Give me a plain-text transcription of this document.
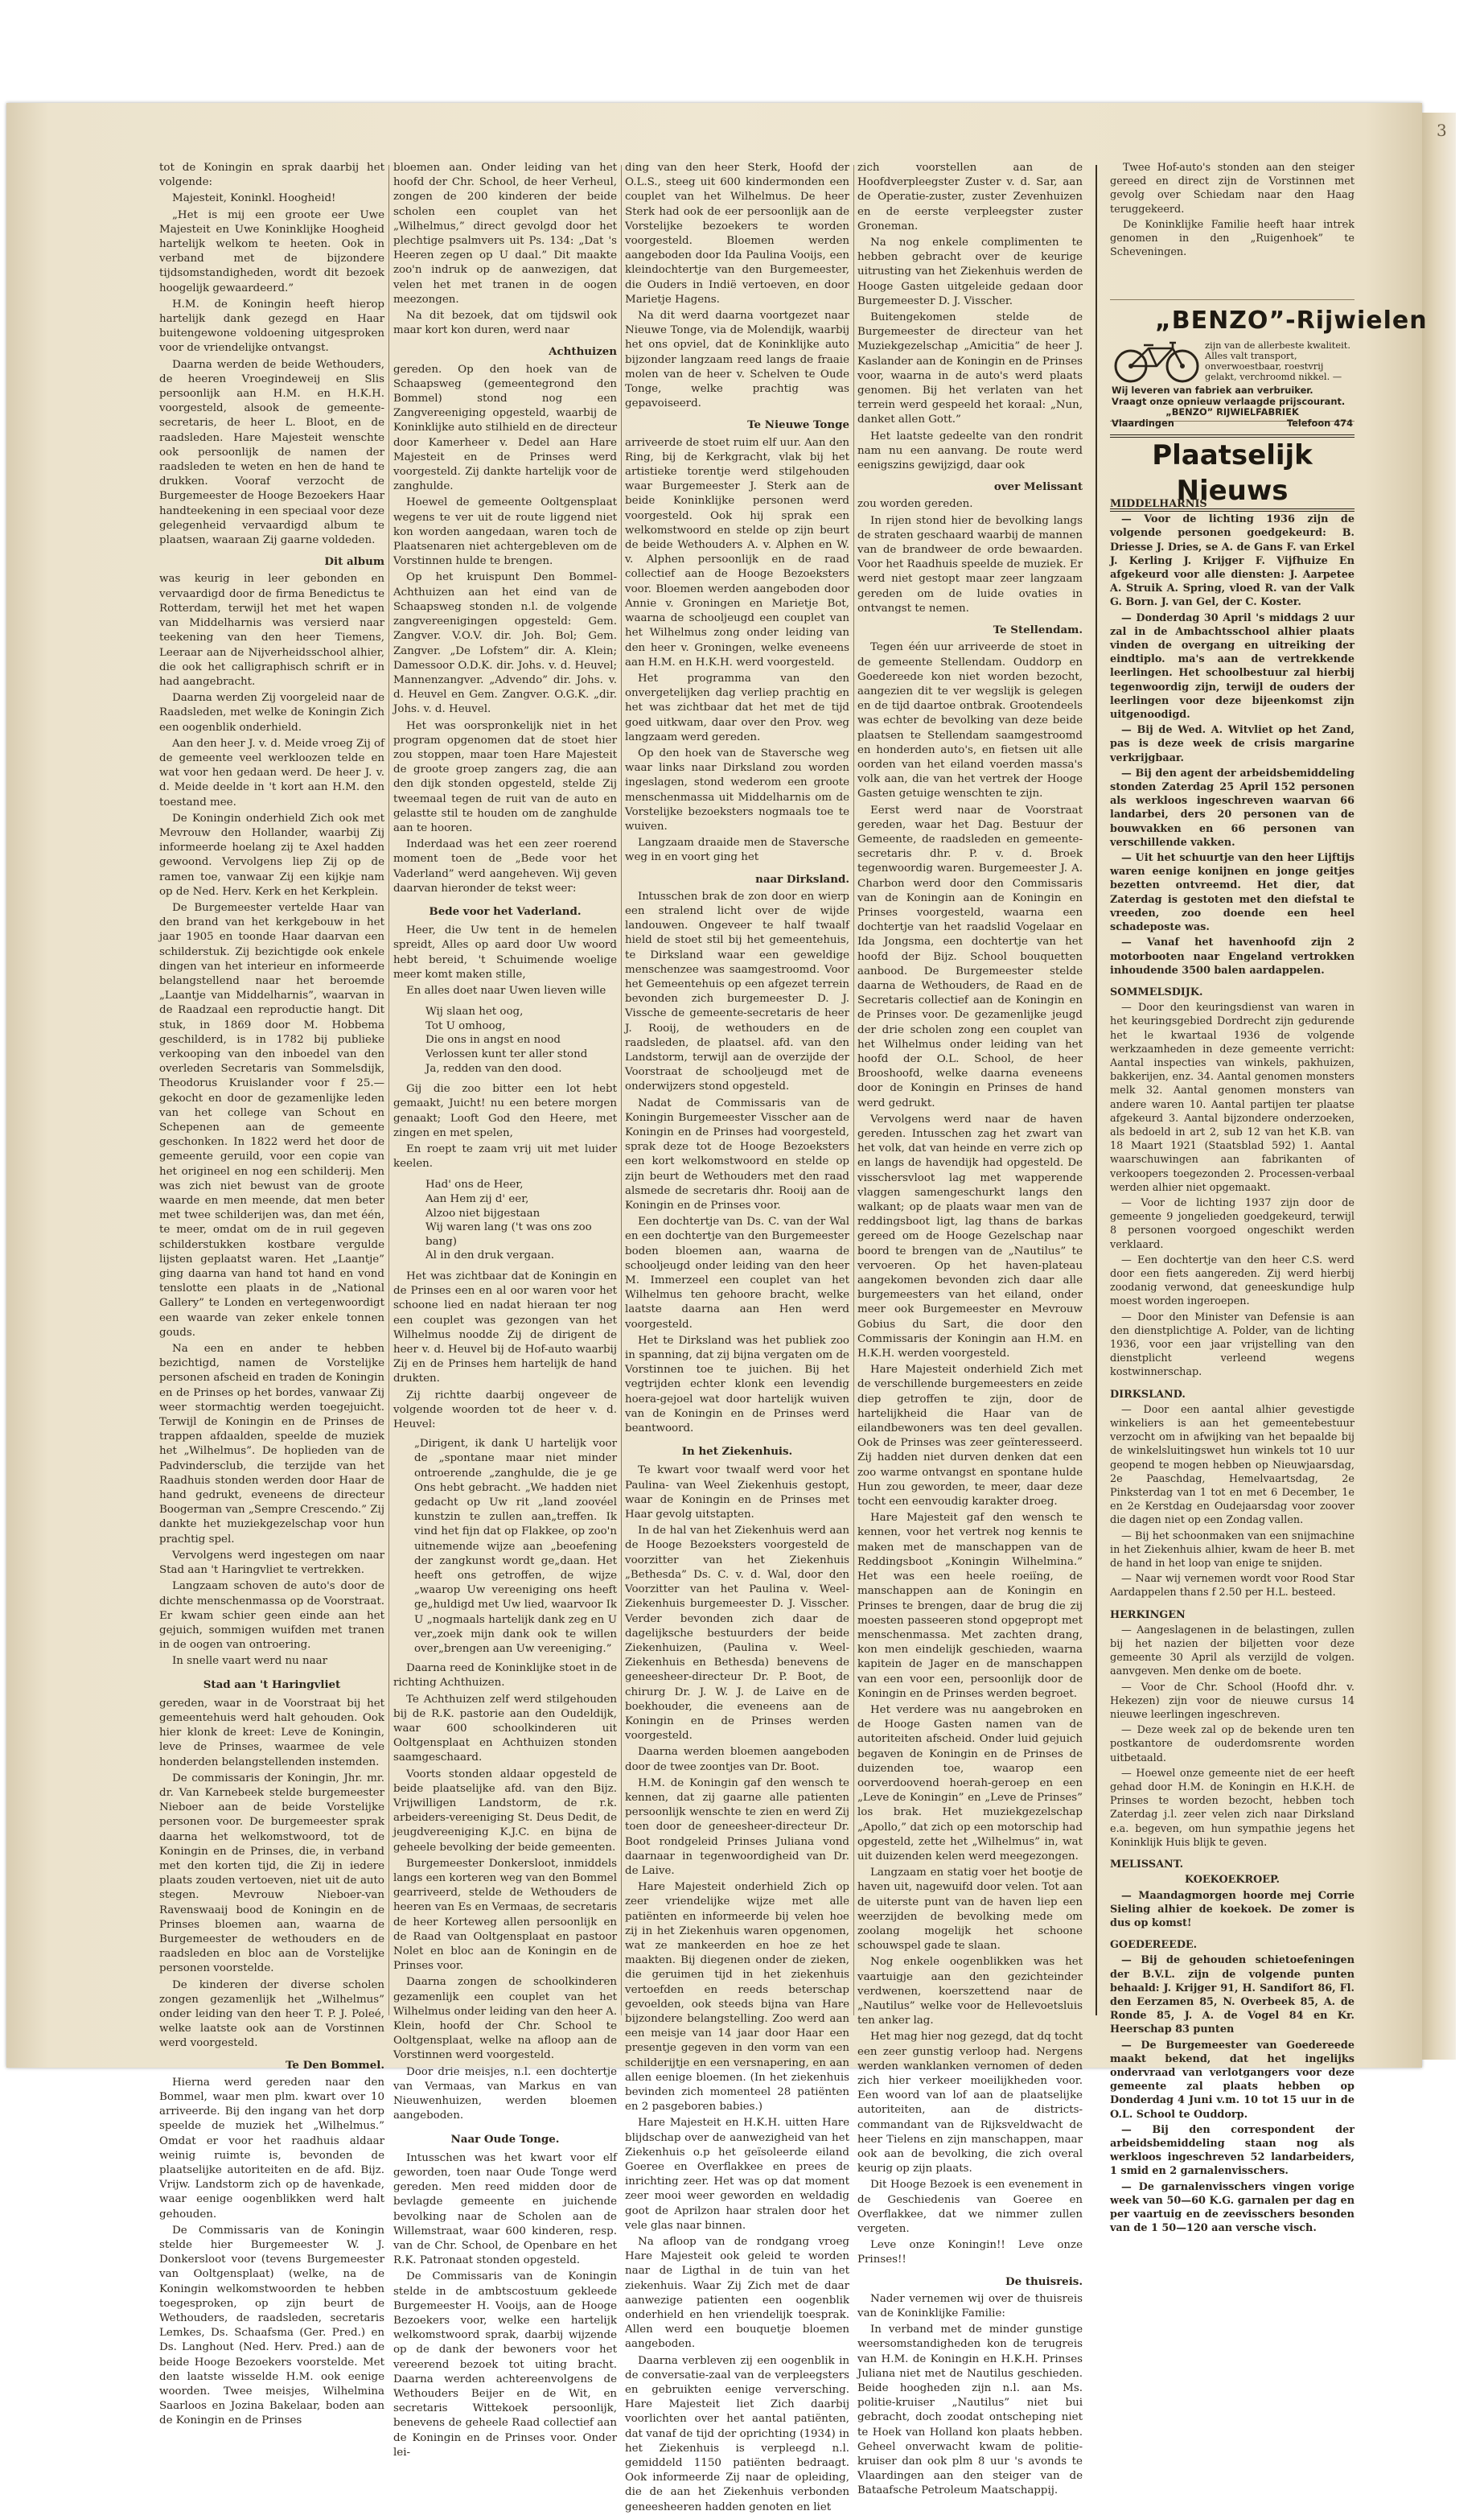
3

tot de Koningin en sprak daarbij het volgende:

Majesteit, Koninkl. Hoogheid!

„Het is mij een groote eer Uwe Majesteit en Uwe Koninklijke Hoogheid hartelijk welkom te heeten. Ook in verband met de bijzondere tijdsomstandigheden, wordt dit bezoek hoogelijk gewaardeerd.”

H.M. de Koningin heeft hierop hartelijk dank gezegd en Haar buitengewone voldoening uitgesproken voor de vriendelijke ontvangst.

Daarna werden de beide Wethouders, de heeren Vroegindeweij en Slis persoonlijk aan H.M. en H.K.H. voorgesteld, alsook de gemeente-secretaris, de heer L. Bloot, en de raadsleden. Hare Majesteit wenschte ook persoonlijk de namen der raadsleden te weten en hen de hand te drukken. Vooraf verzocht de Burgemeester de Hooge Bezoekers Haar handteekening in een speciaal voor deze gelegenheid vervaardigd album te plaatsen, waaraan Zij gaarne voldeden.

Dit album

was keurig in leer gebonden en vervaardigd door de firma Benedictus te Rotterdam, terwijl het met het wapen van Middelharnis was versierd naar teekening van den heer Tiemens, Leeraar aan de Nijverheidsschool alhier, die ook het calligraphisch schrift er in had aangebracht.

Daarna werden Zij voorgeleid naar de Raadsleden, met welke de Koningin Zich een oogenblik onderhield.

Aan den heer J. v. d. Meide vroeg Zij of de gemeente veel werkloozen telde en wat voor hen gedaan werd. De heer J. v. d. Meide deelde in 't kort aan H.M. den toestand mee.

De Koningin onderhield Zich ook met Mevrouw den Hollander, waarbij Zij informeerde hoelang zij te Axel hadden gewoond. Vervolgens liep Zij op de ramen toe, vanwaar Zij een kijkje nam op de Ned. Herv. Kerk en het Kerkplein.

De Burgemeester vertelde Haar van den brand van het kerkgebouw in het jaar 1905 en toonde Haar daarvan een schilderstuk. Zij bezichtigde ook enkele dingen van het interieur en informeerde belangstellend naar het beroemde „Laantje van Middelharnis”, waarvan in de Raadzaal een reproductie hangt. Dit stuk, in 1869 door M. Hobbema geschilderd, is in 1782 bij publieke verkooping van den inboedel van den overleden Secretaris van Sommelsdijk, Theodorus Kruislander voor f 25.— gekocht en door de gezamenlijke leden van het college van Schout en Schepenen aan de gemeente geschonken. In 1822 werd het door de gemeente geruild, voor een copie van het origineel en nog een schilderij. Men was zich niet bewust van de groote waarde en men meende, dat men beter met twee schilderijen was, dan met één, te meer, omdat om de in ruil gegeven schilderstukken kostbare vergulde lijsten geplaatst waren. Het „Laantje” ging daarna van hand tot hand en vond tenslotte een plaats in de „National Gallery” te Londen en vertegenwoordigt een waarde van zeker enkele tonnen gouds.

Na een en ander te hebben bezichtigd, namen de Vorstelijke personen afscheid en traden de Koningin en de Prinses op het bordes, vanwaar Zij weer stormachtig werden toegejuicht. Terwijl de Koningin en de Prinses de trappen afdaalden, speelde de muziek het „Wilhelmus”. De hoplieden van de Padvindersclub, die terzijde van het Raadhuis stonden werden door Haar de hand gedrukt, eveneens de directeur Boogerman van „Sempre Crescendo.” Zij dankte het muziekgezelschap voor hun prachtig spel.

Vervolgens werd ingestegen om naar Stad aan 't Haringvliet te vertrekken.

Langzaam schoven de auto's door de dichte menschenmassa op de Voorstraat. Er kwam schier geen einde aan het gejuich, sommigen wuifden met tranen in de oogen van ontroering.

In snelle vaart werd nu naar

Stad aan 't Haringvliet

gereden, waar in de Voorstraat bij het gemeentehuis werd halt gehouden. Ook hier klonk de kreet: Leve de Koningin, leve de Prinses, waarmee de vele honderden belangstellenden instemden.

De commissaris der Koningin, Jhr. mr. dr. Van Karnebeek stelde burgemeester Nieboer aan de beide Vorstelijke personen voor. De burgemeester sprak daarna het welkomstwoord, tot de Koningin en de Prinses, die, in verband met den korten tijd, die Zij in iedere plaats zouden vertoeven, niet uit de auto stegen. Mevrouw Nieboer-van Ravenswaaij bood de Koningin en de Prinses bloemen aan, waarna de Burgemeester de wethouders en de raadsleden en bloc aan de Vorstelijke personen voorstelde.

De kinderen der diverse scholen zongen gezamenlijk het „Wilhelmus” onder leiding van den heer T. P. J. Poleé, welke laatste ook aan de Vorstinnen werd voorgesteld.

Te Den Bommel.

Hierna werd gereden naar den Bommel, waar men plm. kwart over 10 arriveerde. Bij den ingang van het dorp speelde de muziek het „Wilhelmus.” Omdat er voor het raadhuis aldaar weinig ruimte is, bevonden de plaatselijke autoriteiten en de afd. Bijz. Vrijw. Landstorm zich op de havenkade, waar eenige oogenblikken werd halt gehouden.

De Commissaris van de Koningin stelde hier Burgemeester W. J. Donkersloot voor (tevens Burgemeester van Ooltgensplaat) (welke, na de Koningin welkomstwoorden te hebben toegesproken, op zijn beurt de Wethouders, de raadsleden, secretaris Lemkes, Ds. Schaafsma (Ger. Pred.) en Ds. Langhout (Ned. Herv. Pred.) aan de beide Hooge Bezoekers voorstelde. Met den laatste wisselde H.M. ook eenige woorden. Twee meisjes, Wilhelmina Saarloos en Jozina Bakelaar, boden aan de Koningin en de Prinses

bloemen aan. Onder leiding van het hoofd der Chr. School, de heer Verheul, zongen de 200 kinderen der beide scholen een couplet van het „Wilhelmus,” direct gevolgd door het plechtige psalmvers uit Ps. 134: „Dat 's Heeren zegen op U daal.” Dit maakte zoo'n indruk op de aanwezigen, dat velen het met tranen in de oogen meezongen.

Na dit bezoek, dat om tijdswil ook maar kort kon duren, werd naar

Achthuizen

gereden. Op den hoek van de Schaapsweg (gemeentegrond den Bommel) stond nog een Zangvereeniging opgesteld, waarbij de Koninklijke auto stilhield en de directeur door Kamerheer v. Dedel aan Hare Majesteit en de Prinses werd voorgesteld. Zij dankte hartelijk voor de zanghulde.

Hoewel de gemeente Ooltgensplaat wegens te ver uit de route liggend niet kon worden aangedaan, waren toch de Plaatsenaren niet achtergebleven om de Vorstinnen hulde te brengen.

Op het kruispunt Den Bommel-Achthuizen aan het eind van de Schaapsweg stonden n.l. de volgende zangvereenigingen opgesteld: Gem. Zangver. V.O.V. dir. Joh. Bol; Gem. Zangver. „De Lofstem” dir. A. Klein; Damessoor O.D.K. dir. Johs. v. d. Heuvel; Mannenzangver. „Advendo” dir. Johs. v. d. Heuvel en Gem. Zangver. O.G.K. „dir. Johs. v. d. Heuvel.

Het was oorspronkelijk niet in het program opgenomen dat de stoet hier zou stoppen, maar toen Hare Majesteit de groote groep zangers zag, die aan den dijk stonden opgesteld, stelde Zij tweemaal tegen de ruit van de auto en gelastte stil te houden om de zanghulde aan te hooren.

Inderdaad was het een zeer roerend moment toen de „Bede voor het Vaderland” werd aangeheven. Wij geven daarvan hieronder de tekst weer:

Bede voor het Vaderland.

Heer, die Uw tent in de hemelen spreidt, Alles op aard door Uw woord hebt bereid, 't Schuimende woelige meer komt maken stille,

En alles doet naar Uwen lieven wille

Wij slaan het oog,
Tot U omhoog,
Die ons in angst en nood
Verlossen kunt ter aller stond
Ja, redden van den dood.

Gij die zoo bitter een lot hebt gemaakt, Juicht! nu een betere morgen genaakt; Looft God den Heere, met zingen en met spelen,

En roept te zaam vrij uit met luider keelen.

Had' ons de Heer,
Aan Hem zij d' eer,
Alzoo niet bijgestaan
Wij waren lang ('t was ons zoo bang)
Al in den druk vergaan.

Het was zichtbaar dat de Koningin en de Prinses een en al oor waren voor het schoone lied en nadat hieraan ter nog een couplet was gezongen van het Wilhelmus noodde Zij de dirigent de heer v. d. Heuvel bij de Hof-auto waarbij Zij en de Prinses hem hartelijk de hand drukten.

Zij richtte daarbij ongeveer de volgende woorden tot de heer v. d. Heuvel:

„Dirigent, ik dank U hartelijk voor de „spontane maar niet minder ontroerende „zanghulde, die je ge Ons hebt gebracht. „We hadden niet gedacht op Uw rit „land zoovéel kunstzin te zullen aan„treffen. Ik vind het fijn dat op Flakkee, op zoo'n uitnemende wijze aan „beoefening der zangkunst wordt ge„daan. Het heeft ons getroffen, de wijze „waarop Uw vereeniging ons heeft ge„huldigd met Uw lied, waarvoor Ik U „nogmaals hartelijk dank zeg en U ver„zoek mijn dank ook te willen over„brengen aan Uw vereeniging.”

Daarna reed de Koninklijke stoet in de richting Achthuizen.

Te Achthuizen zelf werd stilgehouden bij de R.K. pastorie aan den Oudeldijk, waar 600 schoolkinderen uit Ooltgensplaat en Achthuizen stonden saamgeschaard.

Voorts stonden aldaar opgesteld de beide plaatselijke afd. van den Bijz. Vrijwilligen Landstorm, de r.k. arbeiders-vereeniging St. Deus Dedit, de jeugdvereeniging K.J.C. en bijna de geheele bevolking der beide gemeenten.

Burgemeester Donkersloot, inmiddels langs een korteren weg van den Bommel gearriveerd, stelde de Wethouders de heeren van Es en Vermaas, de secretaris de heer Korteweg allen persoonlijk en de Raad van Ooltgensplaat en pastoor Nolet en bloc aan de Koningin en de Prinses voor.

Daarna zongen de schoolkinderen gezamenlijk een couplet van het Wilhelmus onder leiding van den heer A. Klein, hoofd der Chr. School te Ooltgensplaat, welke na afloop aan de Vorstinnen werd voorgesteld.

Door drie meisjes, n.l. een dochtertje van Vermaas, van Markus en van Nieuwenhuizen, werden bloemen aangeboden.

Naar Oude Tonge.

Intusschen was het kwart voor elf geworden, toen naar Oude Tonge werd gereden. Men reed midden door de bevlagde gemeente en juichende bevolking naar de Scholen aan de Willemstraat, waar 600 kinderen, resp. van de Chr. School, de Openbare en het R.K. Patronaat stonden opgesteld.

De Commissaris van de Koningin stelde in de ambtscostuum gekleede Burgemeester H. Vooijs, aan de Hooge Bezoekers voor, welke een hartelijk welkomstwoord sprak, daarbij wijzende op de dank der bewoners voor het vereerend bezoek tot uiting bracht. Daarna werden achtereenvolgens de Wethouders Beijer en de Wit, en secretaris Wittekoek persoonlijk, benevens de geheele Raad collectief aan de Koningin en de Prinses voor. Onder lei-

ding van den heer Sterk, Hoofd der O.L.S., steeg uit 600 kindermonden een couplet van het Wilhelmus. De heer Sterk had ook de eer persoonlijk aan de Vorstelijke bezoekers te worden voorgesteld. Bloemen werden aangeboden door Ida Paulina Vooijs, een kleindochtertje van den Burgemeester, die Ouders in Indië vertoeven, en door Marietje Hagens.

Na dit werd daarna voortgezet naar Nieuwe Tonge, via de Molendijk, waarbij het ons opviel, dat de Koninklijke auto bijzonder langzaam reed langs de fraaie molen van de heer v. Schelven te Oude Tonge, welke prachtig was gepavoiseerd.

Te Nieuwe Tonge

arriveerde de stoet ruim elf uur. Aan den Ring, bij de Kerkgracht, vlak bij het artistieke torentje werd stilgehouden waar Burgemeester J. Sterk aan de beide Koninklijke personen werd voorgesteld. Ook hij sprak een welkomstwoord en stelde op zijn beurt de beide Wethouders A. v. Alphen en W. v. Alphen persoonlijk en de raad collectief aan de Hooge Bezoeksters voor. Bloemen werden aangeboden door Annie v. Groningen en Marietje Bot, waarna de schooljeugd een couplet van het Wilhelmus zong onder leiding van den heer v. Groningen, welke eveneens aan H.M. en H.K.H. werd voorgesteld.

Het programma van den onvergetelijken dag verliep prachtig en het was zichtbaar dat het met de tijd goed uitkwam, daar over den Prov. weg langzaam werd gereden.

Op den hoek van de Staversche weg waar links naar Dirksland zou worden ingeslagen, stond wederom een groote menschenmassa uit Middelharnis om de Vorstelijke bezoeksters nogmaals toe te wuiven.

Langzaam draaide men de Staversche weg in en voort ging het

naar Dirksland.

Intusschen brak de zon door en wierp een stralend licht over de wijde landouwen. Ongeveer te half twaalf hield de stoet stil bij het gemeentehuis, te Dirksland waar een geweldige menschenzee was saamgestroomd. Voor het Gemeentehuis op een afgezet terrein bevonden zich burgemeester D. J. Vissche de gemeente-secretaris de heer J. Rooij, de wethouders en de raadsleden, de plaatsel. afd. van den Landstorm, terwijl aan de overzijde der Voorstraat de schooljeugd met de onderwijzers stond opgesteld.

Nadat de Commissaris van de Koningin Burgemeester Visscher aan de Koningin en de Prinses had voorgesteld, sprak deze tot de Hooge Bezoeksters een kort welkomstwoord en stelde op zijn beurt de Wethouders met den raad alsmede de secretaris dhr. Rooij aan de Koningin en de Prinses voor.

Een dochtertje van Ds. C. van der Wal en een dochtertje van den Burgemeester boden bloemen aan, waarna de schooljeugd onder leiding van den heer M. Immerzeel een couplet van het Wilhelmus ten gehoore bracht, welke laatste daarna aan Hen werd voorgesteld.

Het te Dirksland was het publiek zoo in spanning, dat zij bijna vergaten om de Vorstinnen toe te juichen. Bij het vegtrijden echter klonk een levendig hoera-gejoel wat door hartelijk wuiven van de Koningin en de Prinses werd beantwoord.

In het Ziekenhuis.

Te kwart voor twaalf werd voor het Paulina- van Weel Ziekenhuis gestopt, waar de Koningin en de Prinses met Haar gevolg uitstapten.

In de hal van het Ziekenhuis werd aan de Hooge Bezoeksters voorgesteld de voorzitter van het Ziekenhuis „Bethesda” Ds. C. v. d. Wal, door den Voorzitter van het Paulina v. Weel-Ziekenhuis burgemeester D. J. Visscher. Verder bevonden zich daar de dagelijksche bestuurders der beide Ziekenhuizen, (Paulina v. Weel-Ziekenhuis en Bethesda) benevens de geneesheer-directeur Dr. P. Boot, de chirurg Dr. J. W. J. de Laive en de boekhouder, die eveneens aan de Koningin en de Prinses werden voorgesteld.

Daarna werden bloemen aangeboden door de twee zoontjes van Dr. Boot.

H.M. de Koningin gaf den wensch te kennen, dat zij gaarne alle patienten persoonlijk wenschte te zien en werd Zij toen door de geneesheer-directeur Dr. Boot rondgeleid Prinses Juliana vond daarnaar in tegenwoordigheid van Dr. de Laive.

Hare Majesteit onderhield Zich op zeer vriendelijke wijze met alle patiënten en informeerde bij velen hoe zij in het Ziekenhuis waren opgenomen, wat ze mankeerden en hoe ze het maakten. Bij diegenen onder de zieken, die geruimen tijd in het ziekenhuis vertoefden en reeds beterschap gevoelden, ook steeds bijna van Hare bijzondere belangstelling. Zoo werd aan een meisje van 14 jaar door Haar een presentje gegeven in den vorm van een schilderijtje en een versnapering, en aan allen eenige bloemen. (In het ziekenhuis bevinden zich momenteel 28 patiënten en 2 pasgeboren babies.)

Hare Majesteit en H.K.H. uitten Hare blijdschap over de aanwezigheid van het Ziekenhuis o.p het geïsoleerde eiland Goeree en Overflakkee en prees de inrichting zeer. Het was op dat moment zeer mooi weer geworden en weldadig goot de Aprilzon haar stralen door het vele glas naar binnen.

Na afloop van de rondgang vroeg Hare Majesteit ook geleid te worden naar de Ligthal in de tuin van het ziekenhuis. Waar Zij Zich met de daar aanwezige patienten een oogenblik onderhield en hen vriendelijk toesprak. Allen werd een bouquetje bloemen aangeboden.

Daarna verbleven zij een oogenblik in de conversatie-zaal van de verpleegsters en gebruikten eenige verversching. Hare Majesteit liet Zich daarbij voorlichten over het aantal patiënten, dat vanaf de tijd der oprichting (1934) in het Ziekenhuis is verpleegd n.l. gemiddeld 1150 patiënten bedraagt. Ook informeerde Zij naar de opleiding, die de aan het Ziekenhuis verbonden geneesheeren hadden genoten en liet

zich voorstellen aan de Hoofdverpleegster Zuster v. d. Sar, aan de Operatie-zuster, zuster Zevenhuizen en de eerste verpleegster zuster Groneman.

Na nog enkele complimenten te hebben gebracht over de keurige uitrusting van het Ziekenhuis werden de Hooge Gasten uitgeleide gedaan door Burgemeester D. J. Visscher.

Buitengekomen stelde de Burgemeester de directeur van het Muziekgezelschap „Amicitia” de heer J. Kaslander aan de Koningin en de Prinses voor, waarna in de auto's werd plaats genomen. Bij het verlaten van het terrein werd gespeeld het koraal: „Nun, danket allen Gott.”

Het laatste gedeelte van den rondrit nam nu een aanvang. De route werd eenigszins gewijzigd, daar ook

over Melissant

zou worden gereden.

In rijen stond hier de bevolking langs de straten geschaard waarbij de mannen van de brandweer de orde bewaarden. Voor het Raadhuis speelde de muziek. Er werd niet gestopt maar zeer langzaam gereden om de luide ovaties in ontvangst te nemen.

Te Stellendam.

Tegen één uur arriveerde de stoet in de gemeente Stellendam. Ouddorp en Goedereede kon niet worden bezocht, aangezien dit te ver wegslijk is gelegen en de tijd daartoe ontbrak. Grootendeels was echter de bevolking van deze beide plaatsen te Stellendam saamgestroomd en honderden auto's, en fietsen uit alle oorden van het eiland voerden massa's volk aan, die van het vertrek der Hooge Gasten getuige wenschten te zijn.

Eerst werd naar de Voorstraat gereden, waar het Dag. Bestuur der Gemeente, de raadsleden en gemeente-secretaris dhr. P. v. d. Broek tegenwoordig waren. Burgemeester J. A. Charbon werd door den Commissaris van de Koningin aan de Koningin en Prinses voorgesteld, waarna een dochtertje van het raadslid Vogelaar en Ida Jongsma, een dochtertje van het hoofd der Bijz. School bouquetten aanbood. De Burgemeester stelde daarna de Wethouders, de Raad en de Secretaris collectief aan de Koningin en de Prinses voor. De gezamenlijke jeugd der drie scholen zong een couplet van het Wilhelmus onder leiding van het hoofd der O.L. School, de heer Brooshoofd, welke daarna eveneens door de Koningin en Prinses de hand werd gedrukt.

Vervolgens werd naar de haven gereden. Intusschen zag het zwart van het volk, dat van heinde en verre zich op en langs de havendijk had opgesteld. De visschersvloot lag met wapperende vlaggen samengeschurkt langs den walkant; op de plaats waar men van de reddingsboot ligt, lag thans de barkas gereed om de Hooge Gezelschap naar boord te brengen van de „Nautilus” te vervoeren. Op het haven-plateau aangekomen bevonden zich daar alle burgemeesters van het eiland, onder meer ook Burgemeester en Mevrouw Gobius du Sart, die door den Commissaris der Koningin aan H.M. en H.K.H. werden voorgesteld.

Hare Majesteit onderhield Zich met de verschillende burgemeesters en zeide diep getroffen te zijn, door de hartelijkheid die Haar van de eilandbewoners was ten deel gevallen. Ook de Prinses was zeer geïnteresseerd. Zij hadden niet durven denken dat een zoo warme ontvangst en spontane hulde Hun zou geworden, te meer, daar deze tocht een eenvoudig karakter droeg.

Hare Majesteit gaf den wensch te kennen, voor het vertrek nog kennis te maken met de manschappen van de Reddingsboot „Koningin Wilhelmina.” Het was een heele roeiïng, de manschappen aan de Koningin en Prinses te brengen, daar de brug die zij moesten passeeren stond opgepropt met menschenmassa. Met zachten drang, kon men eindelijk geschieden, waarna kapitein de Jager en de manschappen van een voor een, persoonlijk door de Koningin en de Prinses werden begroet.

Het verdere was nu aangebroken en de Hooge Gasten namen van de autoriteiten afscheid. Onder luid gejuich begaven de Koningin en de Prinses de duizenden toe, waarop een oorverdoovend hoerah-geroep en een „Leve de Koningin” en „Leve de Prinses” los brak. Het muziekgezelschap „Apollo,” dat zich op een motorschip had opgesteld, zette het „Wilhelmus” in, wat uit duizenden kelen werd meegezongen.

Langzaam en statig voer het bootje de haven uit, nagewuifd door velen. Tot aan de uiterste punt van de haven liep een weerzijden de bevolking mede om zoolang mogelijk het schoone schouwspel gade te slaan.

Nog enkele oogenblikken was het vaartuigje aan den gezichteinder verdwenen, koerszettend naar de „Nautilus” welke voor de Hellevoetsluis ten anker lag.

Het mag hier nog gezegd, dat dq tocht een zeer gunstig verloop had. Nergens werden wanklanken vernomen of deden zich hier verkeer moeilijkheden voor. Een woord van lof aan de plaatselijke autoriteiten, aan de districts-commandant van de Rijksveldwacht de heer Tielens en zijn manschappen, maar ook aan de bevolking, die zich overal keurig op zijn plaats.

Dit Hooge Bezoek is een evenement in de Geschiedenis van Goeree en Overflakkee, dat we nimmer zullen vergeten.

Leve onze Koningin!! Leve onze Prinses!!

De thuisreis.

Nader vernemen wij over de thuisreis van de Koninklijke Familie:

In verband met de minder gunstige weersomstandigheden kon de terugreis van H.M. de Koningin en H.K.H. Prinses Juliana niet met de Nautilus geschieden. Beide hoogheden zijn n.l. aan Ms. politie-kruiser „Nautilus” niet bui gebracht, doch zoodat ontscheping niet te Hoek van Holland kon plaats hebben. Geheel onverwacht kwam de politie-kruiser dan ook plm 8 uur 's avonds te Vlaardingen aan den steiger van de Bataafsche Petroleum Maatschappij.

Twee Hof-auto's stonden aan den steiger gereed en direct zijn de Vorstinnen met gevolg over Schiedam naar den Haag teruggekeerd.

De Koninklijke Familie heeft haar intrek genomen in den „Ruigenhoek” te Scheveningen.

„BENZO”-Rijwielen
zijn van de allerbeste kwaliteit. Alles valt transport, onverwoestbaar, roestvrij gelakt, verchroomd nikkel. —
Wij leveren van fabriek aan verbruiker.
Vraagt onze opnieuw verlaagde prijscourant.
„BENZO” RIJWIELFABRIEK
Vlaardingen	Telefoon 474
Plaatselijk Nieuws
MIDDELHARNIS

— Voor de lichting 1936 zijn de volgende personen goedgekeurd: B. Driesse J. Dries, se A. de Gans F. van Erkel J. Kerling J. Krijger F. Vijfhuize En afgekeurd voor alle diensten: J. Aarpetee A. Struik A. Spring, vloed R. van der Valk G. Born. J. van Gel, der C. Koster.

— Donderdag 30 April 's middags 2 uur zal in de Ambachtsschool alhier plaats vinden de overgang en uitreiking der eindtiplo. ma's aan de vertrekkende leerlingen. Het schoolbestuur zal hierbij tegenwoordig zijn, terwijl de ouders der leerlingen voor deze bijeenkomst zijn uitgenoodigd.

— Bij de Wed. A. Witvliet op het Zand, pas is deze week de crisis margarine verkrijgbaar.

— Bij den agent der arbeidsbemiddeling stonden Zaterdag 25 April 152 personen als werkloos ingeschreven waarvan 66 landarbei, ders 20 personen van de bouwvakken en 66 personen van verschillende vakken.

— Uit het schuurtje van den heer Lijftijs waren eenige konijnen en jonge geitjes bezetten ontvreemd. Het dier, dat Zaterdag is gestoten met den diefstal te vreeden, zoo doende een heel schadeposte was.

— Vanaf het havenhoofd zijn 2 motorbooten naar Engeland vertrokken inhoudende 3500 balen aardappelen.

SOMMELSDIJK.

— Door den keuringsdienst van waren in het keuringsgebied Dordrecht zijn gedurende het le kwartaal 1936 de volgende werkzaamheden in deze gemeente verricht: Aantal inspecties van winkels, pakhuizen, bakkerijen, enz. 34. Aantal genomen monsters melk 32. Aantal genomen monsters van andere waren 10. Aantal partijen ter plaatse afgekeurd 3. Aantal bijzondere onderzoeken, als bedoeld in art 2, sub 12 van het K.B. van 18 Maart 1921 (Staatsblad 592) 1. Aantal waarschuwingen aan fabrikanten of verkoopers toegezonden 2. Processen-verbaal werden alhier niet opgemaakt.

— Voor de lichting 1937 zijn door de gemeente 9 jongelieden goedgekeurd, terwijl 8 personen voorgoed ongeschikt werden verklaard.

— Een dochtertje van den heer C.S. werd door een fiets aangereden. Zij werd hierbij zoodanig verwond, dat geneeskundige hulp moest worden ingeroepen.

— Door den Minister van Defensie is aan den dienstplichtige A. Polder, van de lichting 1936, voor een jaar vrijstelling van den dienstplicht verleend wegens kostwinnerschap.

DIRKSLAND.

— Door een aantal alhier gevestigde winkeliers is aan het gemeentebestuur verzocht om in afwijking van het bepaalde bij de winkelsluitingswet hun winkels tot 10 uur geopend te mogen hebben op Nieuwjaarsdag, 2e Paaschdag, Hemelvaartsdag, 2e Pinksterdag van 1 tot en met 6 December, 1e en 2e Kerstdag en Oudejaarsdag voor zoover die dagen niet op een Zondag vallen.

— Bij het schoonmaken van een snijmachine in het Ziekenhuis alhier, kwam de heer B. met de hand in het loop van enige te snijden.

— Naar wij vernemen wordt voor Rood Star Aardappelen thans f 2.50 per H.L. besteed.

HERKINGEN

— Aangeslagenen in de belastingen, zullen bij het nazien der biljetten voor deze gemeente 30 April als verzijld de volgen. aanvgeven. Men denke om de boete.

— Voor de Chr. School (Hoofd dhr. v. Hekezen) zijn voor de nieuwe cursus 14 nieuwe leerlingen ingeschreven.

— Deze week zal op de bekende uren ten postkantore de ouderdomsrente worden uitbetaald.

— Hoewel onze gemeente niet de eer heeft gehad door H.M. de Koningin en H.K.H. de Prinses te worden bezocht, hebben toch Zaterdag j.l. zeer velen zich naar Dirksland e.a. begeven, om hun sympathie jegens het Koninklijk Huis blijk te geven.

MELISSANT.

KOEKOEKROEP.

— Maandagmorgen hoorde mej Corrie Sieling alhier de koekoek. De zomer is dus op komst!

GOEDEREEDE.

— Bij de gehouden schietoefeningen der B.V.L. zijn de volgende punten behaald: J. Krijger 91, H. Sandifort 86, Fl. den Eerzamen 85, N. Overbeek 85, A. de Ronde 85, J. A. de Vogel 84 en Kr. Heerschap 83 punten

— De Burgemeester van Goedereede maakt bekend, dat het ingelijks ondervraad van verlotgangers voor deze gemeente zal plaats hebben op Donderdag 4 Juni v.m. 10 tot 15 uur in de O.L. School te Ouddorp.

— Bij den correspondent der arbeidsbemiddeling staan nog als werkloos ingeschreven 52 landarbeiders, 1 smid en 2 garnalenvisschers.

— De garnalenvisschers vingen vorige week van 50—60 K.G. garnalen per dag en per vaartuig en de zeevisschers besonden van de 1 50—120 aan versche visch.
